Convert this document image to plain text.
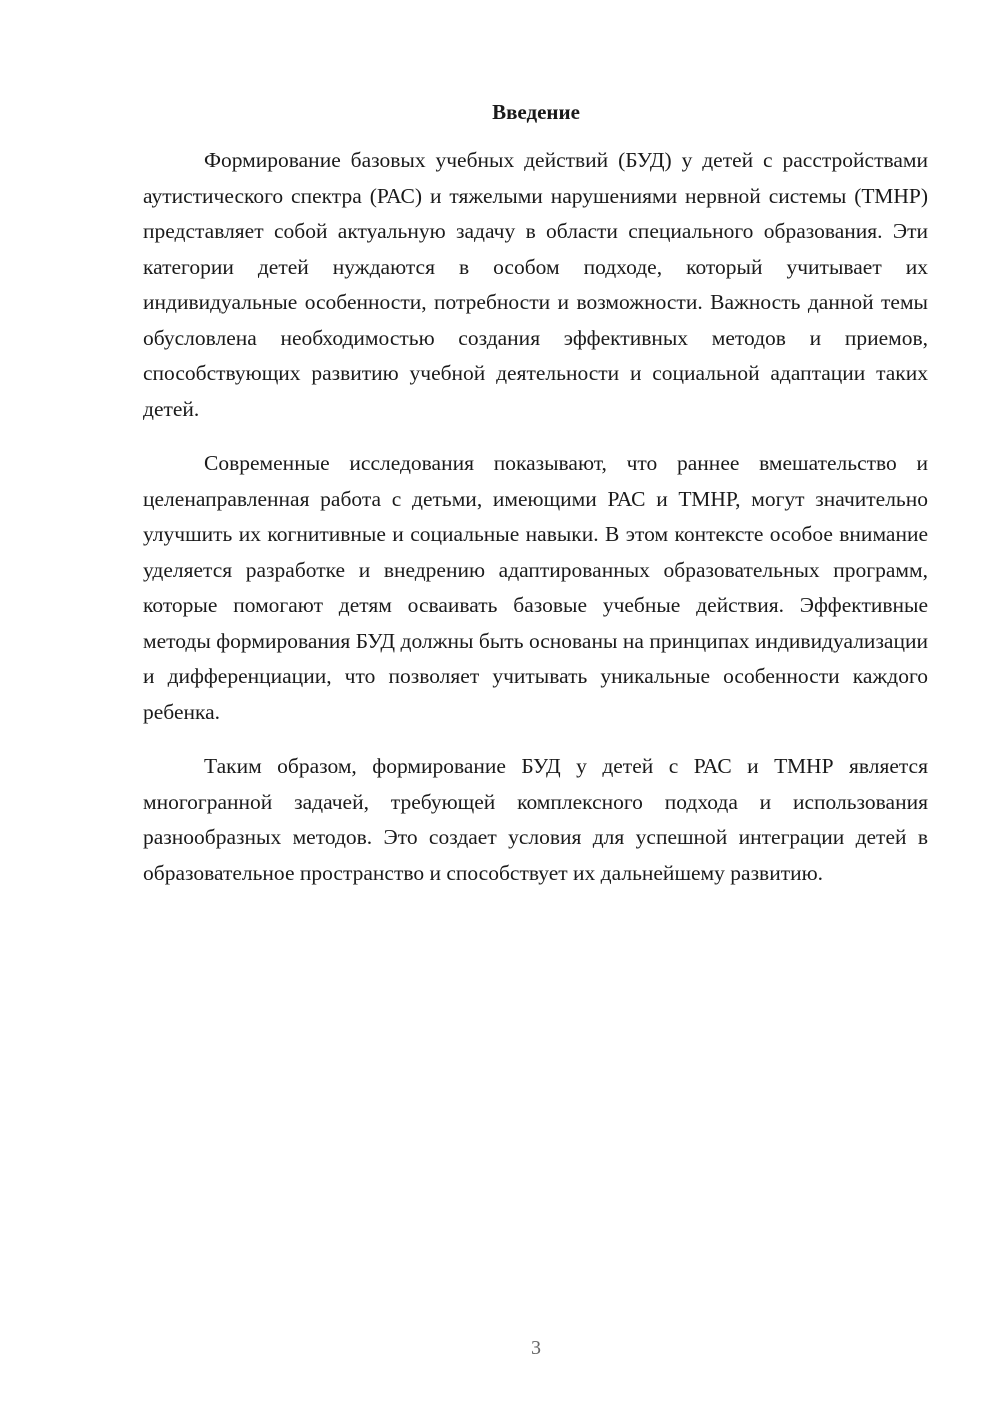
Введение

Формирование базовых учебных действий (БУД) у детей с расстройствами аутистического спектра (РАС) и тяжелыми нарушениями нервной системы (ТМНР) представляет собой актуальную задачу в области специального образования. Эти категории детей нуждаются в особом подходе, который учитывает их индивидуальные особенности, потребности и возможности. Важность данной темы обусловлена необходимостью создания эффективных методов и приемов, способствующих развитию учебной деятельности и социальной адаптации таких детей.

Современные исследования показывают, что раннее вмешательство и целенаправленная работа с детьми, имеющими РАС и ТМНР, могут значительно улучшить их когнитивные и социальные навыки. В этом контексте особое внимание уделяется разработке и внедрению адаптированных образовательных программ, которые помогают детям осваивать базовые учебные действия. Эффективные методы формирования БУД должны быть основаны на принципах индивидуализации и дифференциации, что позволяет учитывать уникальные особенности каждого ребенка.

Таким образом, формирование БУД у детей с РАС и ТМНР является многогранной задачей, требующей комплексного подхода и использования разнообразных методов. Это создает условия для успешной интеграции детей в образовательное пространство и способствует их дальнейшему развитию.

3
